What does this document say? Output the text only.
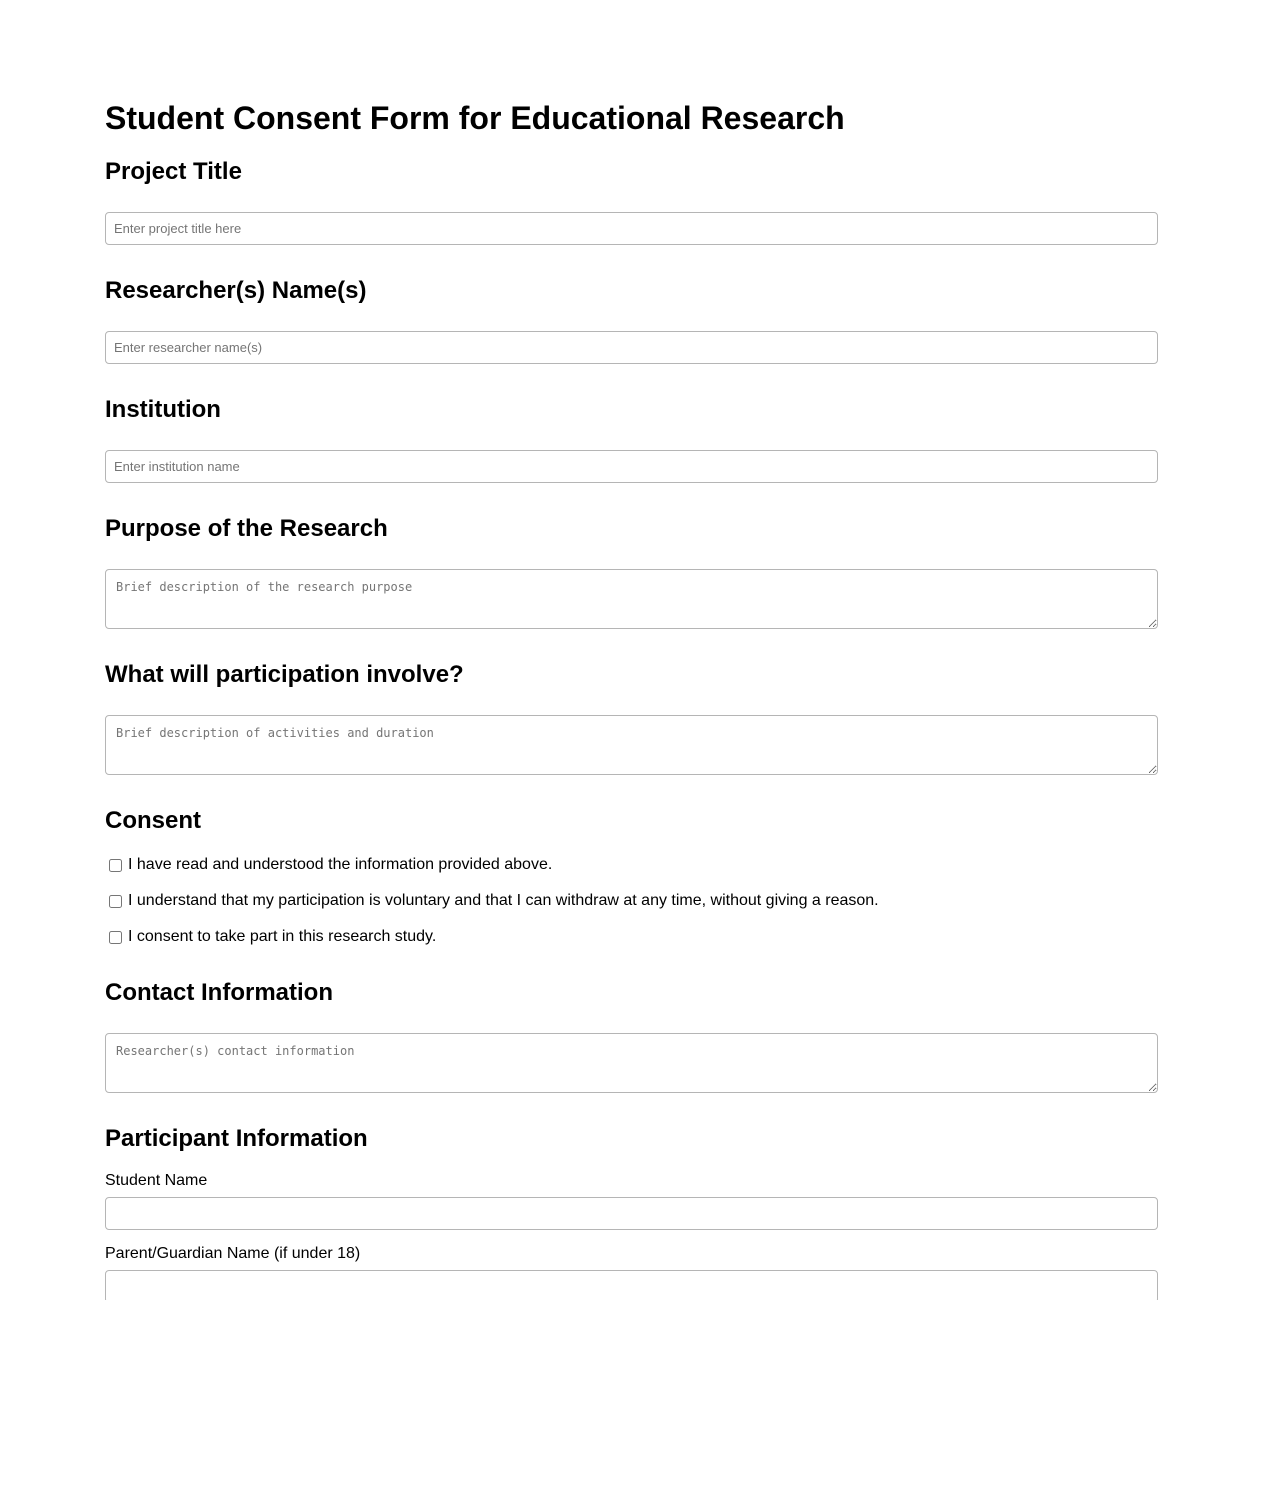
Student Consent Form for Educational Research
Project Title
Enter project title here
Researcher(s) Name(s)
Enter researcher name(s)
Institution
Enter institution name
Purpose of the Research
Brief description of the research purpose
What will participation involve?
Brief description of activities and duration
Consent
I have read and understood the information provided above.
I understand that my participation is voluntary and that I can withdraw at any time, without giving a reason.
I consent to take part in this research study.
Contact Information
Researcher(s) contact information
Participant Information
Student Name
Parent/Guardian Name (if under 18)
